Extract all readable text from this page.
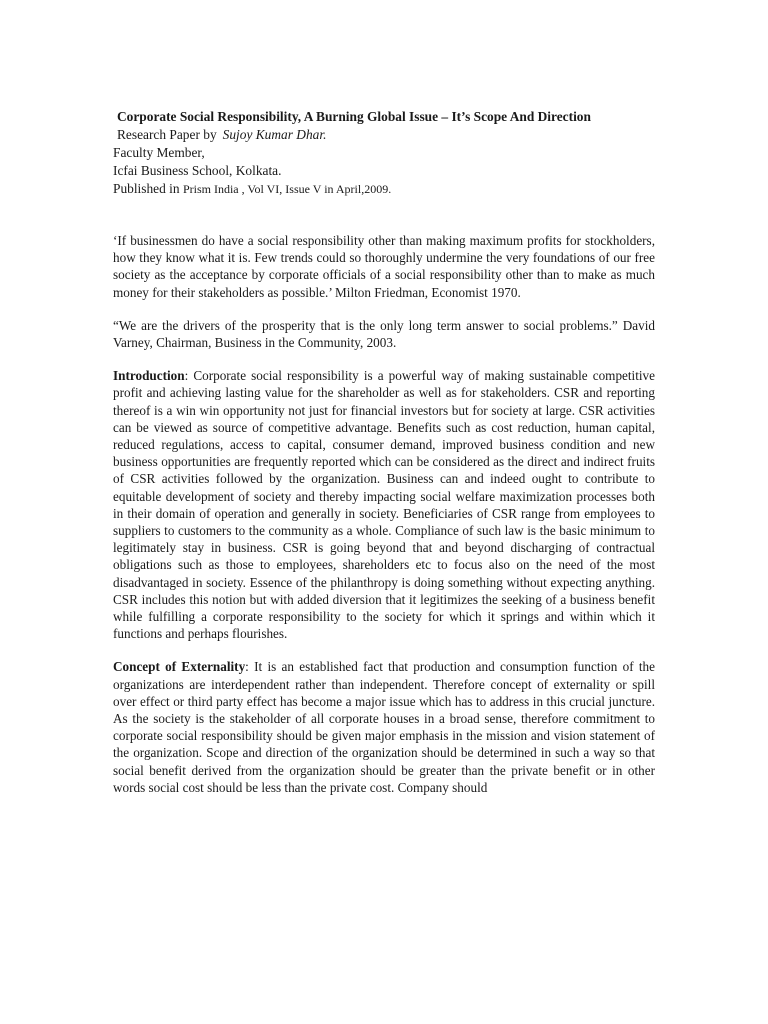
Corporate Social Responsibility, A Burning Global Issue – It’s Scope And Direction
Research Paper by Sujoy Kumar Dhar.
Faculty Member,
Icfai Business School, Kolkata.
Published in Prism India , Vol VI, Issue V in April,2009.

‘If businessmen do have a social responsibility other than making maximum profits for stockholders, how they know what it is. Few trends could so thoroughly undermine the very foundations of our free society as the acceptance by corporate officials of a social responsibility other than to make as much money for their stakeholders as possible.’ Milton Friedman, Economist 1970.

“We are the drivers of the prosperity that is the only long term answer to social problems.” David Varney, Chairman, Business in the Community, 2003.

Introduction: Corporate social responsibility is a powerful way of making sustainable competitive profit and achieving lasting value for the shareholder as well as for stakeholders. CSR and reporting thereof is a win win opportunity not just for financial investors but for society at large. CSR activities can be viewed as source of competitive advantage. Benefits such as cost reduction, human capital, reduced regulations, access to capital, consumer demand, improved business condition and new business opportunities are frequently reported which can be considered as the direct and indirect fruits of CSR activities followed by the organization. Business can and indeed ought to contribute to equitable development of society and thereby impacting social welfare maximization processes both in their domain of operation and generally in society. Beneficiaries of CSR range from employees to suppliers to customers to the community as a whole. Compliance of such law is the basic minimum to legitimately stay in business. CSR is going beyond that and beyond discharging of contractual obligations such as those to employees, shareholders etc to focus also on the need of the most disadvantaged in society. Essence of the philanthropy is doing something without expecting anything. CSR includes this notion but with added diversion that it legitimizes the seeking of a business benefit while fulfilling a corporate responsibility to the society for which it springs and within which it functions and perhaps flourishes.

Concept of Externality: It is an established fact that production and consumption function of the organizations are interdependent rather than independent. Therefore concept of externality or spill over effect or third party effect has become a major issue which has to address in this crucial juncture. As the society is the stakeholder of all corporate houses in a broad sense, therefore commitment to corporate social responsibility should be given major emphasis in the mission and vision statement of the organization. Scope and direction of the organization should be determined in such a way so that social benefit derived from the organization should be greater than the private benefit or in other words social cost should be less than the private cost. Company should
